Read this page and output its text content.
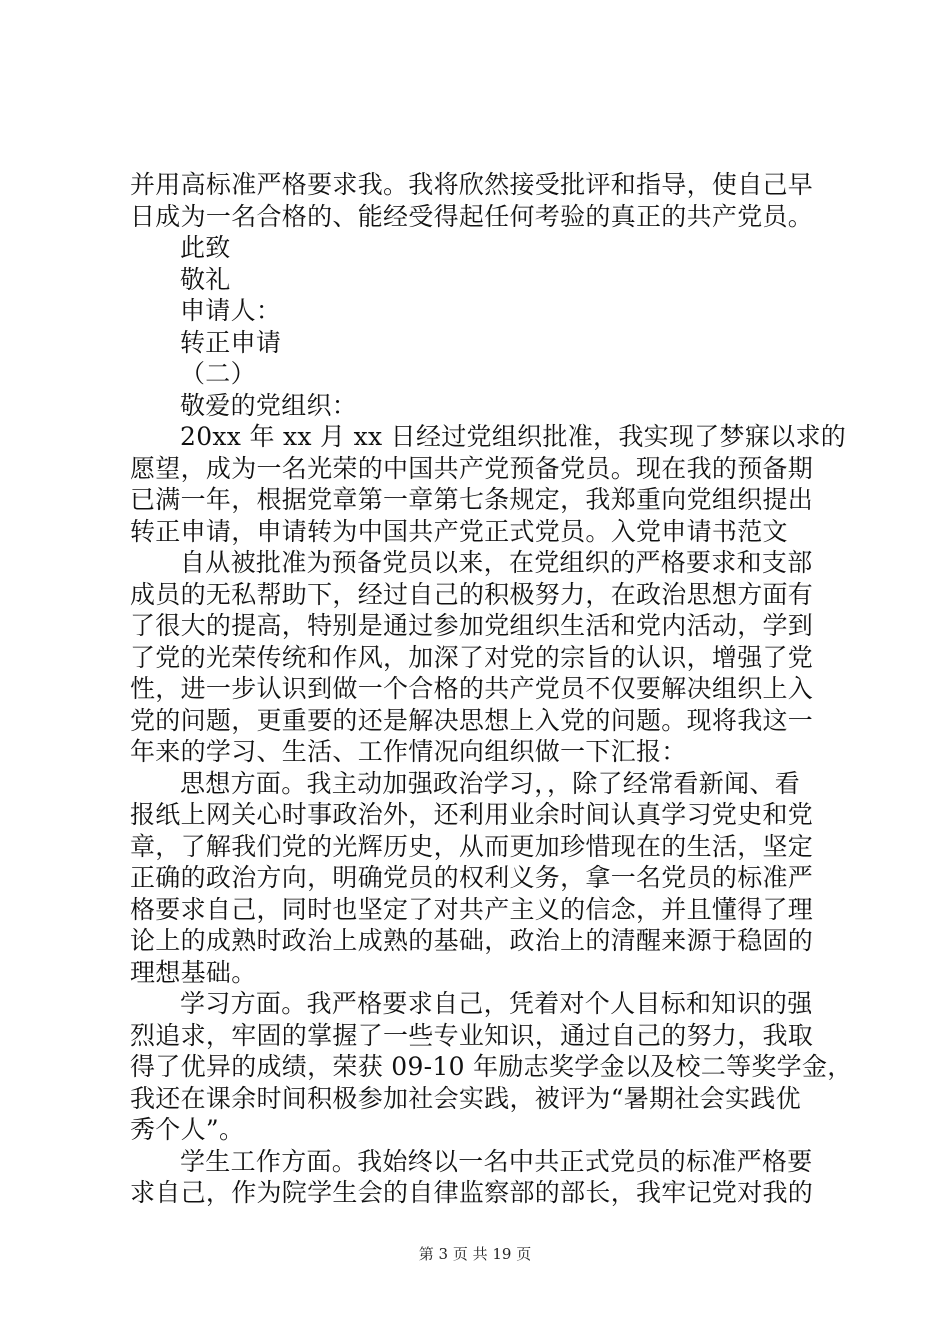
并用高标准严格要求我。我将欣然接受批评和指导，使自己早
日成为一名合格的、能经受得起任何考验的真正的共产党员。
此致
敬礼
申请人：
转正申请
（二）
敬爱的党组织：
20xx 年 xx 月 xx 日经过党组织批准，我实现了梦寐以求的
愿望，成为一名光荣的中国共产党预备党员。现在我的预备期
已满一年，根据党章第一章第七条规定，我郑重向党组织提出
转正申请，申请转为中国共产党正式党员。入党申请书范文
自从被批准为预备党员以来，在党组织的严格要求和支部
成员的无私帮助下，经过自己的积极努力，在政治思想方面有
了很大的提高，特别是通过参加党组织生活和党内活动，学到
了党的光荣传统和作风，加深了对党的宗旨的认识，增强了党
性，进一步认识到做一个合格的共产党员不仅要解决组织上入
党的问题，更重要的还是解决思想上入党的问题。现将我这一
年来的学习、生活、工作情况向组织做一下汇报：
思想方面。我主动加强政治学习，，除了经常看新闻、看
报纸上网关心时事政治外，还利用业余时间认真学习党史和党
章，了解我们党的光辉历史，从而更加珍惜现在的生活，坚定
正确的政治方向，明确党员的权利义务，拿一名党员的标准严
格要求自己，同时也坚定了对共产主义的信念，并且懂得了理
论上的成熟时政治上成熟的基础，政治上的清醒来源于稳固的
理想基础。
学习方面。我严格要求自己，凭着对个人目标和知识的强
烈追求，牢固的掌握了一些专业知识，通过自己的努力，我取
得了优异的成绩，荣获 09-10 年励志奖学金以及校二等奖学金，
我还在课余时间积极参加社会实践，被评为“暑期社会实践优
秀个人”。
学生工作方面。我始终以一名中共正式党员的标准严格要
求自己，作为院学生会的自律监察部的部长，我牢记党对我的
第 3 页 共 19 页
